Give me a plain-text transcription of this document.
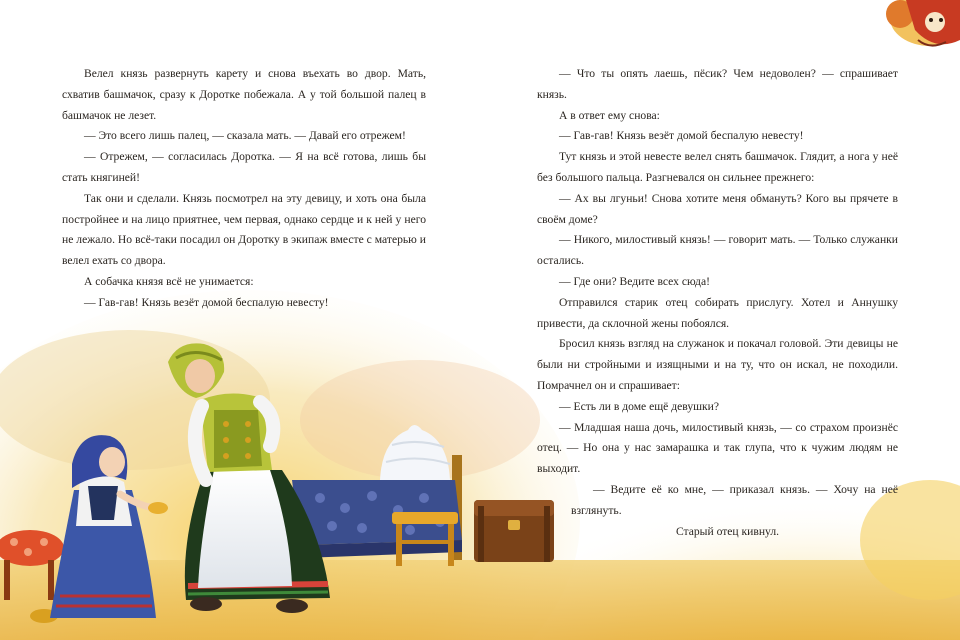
Велел князь развернуть карету и снова въехать во двор. Мать, схватив башмачок, сразу к Доротке побежала. А у той большой палец в башмачок не лезет.

— Это всего лишь палец, — сказала мать. — Давай его отрежем!

— Отрежем, — согласилась Доротка. — Я на всё готова, лишь бы стать княгиней!

Так они и сделали. Князь посмотрел на эту девицу, и хоть она была постройнее и на лицо приятнее, чем первая, однако сердце и к ней у него не лежало. Но всё-таки посадил он Доротку в экипаж вместе с матерью и велел ехать со двора.

А собачка князя всё не унимается:

— Гав-гав! Князь везёт домой беспалую невесту!

— Что ты опять лаешь, пёсик? Чем недоволен? — спрашивает князь.

А в ответ ему снова:

— Гав-гав! Князь везёт домой беспалую невесту!

Тут князь и этой невесте велел снять башмачок. Глядит, а нога у неё без большого пальца. Разгневался он сильнее прежнего:

— Ах вы лгуньи! Снова хотите меня обмануть? Кого вы прячете в своём доме?

— Никого, милостивый князь! — говорит мать. — Только служанки остались.

— Где они? Ведите всех сюда!

Отправился старик отец собирать прислугу. Хотел и Аннушку привести, да склочной жены побоялся.

Бросил князь взгляд на служанок и покачал головой. Эти девицы не были ни стройными и изящными и на ту, что он искал, не походили. Помрачнел он и спрашивает:

— Есть ли в доме ещё девушки?

— Младшая наша дочь, милостивый князь, — со страхом произнёс отец. — Но она у нас замарашка и так глупа, что к чужим людям не выходит.

— Ведите её ко мне, — приказал князь. — Хочу на неё взглянуть.

Старый отец кивнул.
